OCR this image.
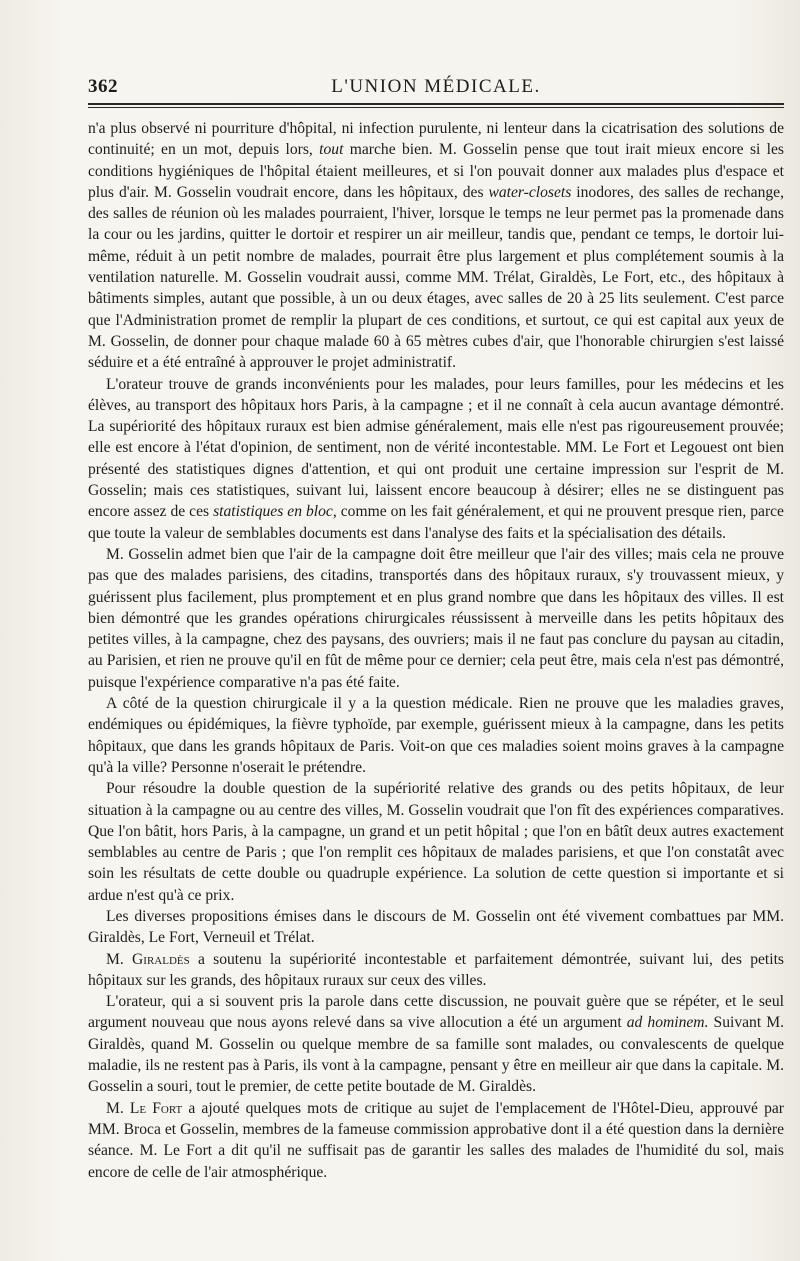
362	L'UNION MÉDICALE.

n'a plus observé ni pourriture d'hôpital, ni infection purulente, ni lenteur dans la cicatrisation des solutions de continuité; en un mot, depuis lors, tout marche bien. M. Gosselin pense que tout irait mieux encore si les conditions hygiéniques de l'hôpital étaient meilleures, et si l'on pouvait donner aux malades plus d'espace et plus d'air. M. Gosselin voudrait encore, dans les hôpitaux, des water-closets inodores, des salles de rechange, des salles de réunion où les malades pourraient, l'hiver, lorsque le temps ne leur permet pas la promenade dans la cour ou les jardins, quitter le dortoir et respirer un air meilleur, tandis que, pendant ce temps, le dortoir lui-même, réduit à un petit nombre de malades, pourrait être plus largement et plus complétement soumis à la ventilation naturelle. M. Gosselin voudrait aussi, comme MM. Trélat, Giraldès, Le Fort, etc., des hôpitaux à bâtiments simples, autant que possible, à un ou deux étages, avec salles de 20 à 25 lits seulement. C'est parce que l'Administration promet de remplir la plupart de ces conditions, et surtout, ce qui est capital aux yeux de M. Gosselin, de donner pour chaque malade 60 à 65 mètres cubes d'air, que l'honorable chirurgien s'est laissé séduire et a été entraîné à approuver le projet administratif.

L'orateur trouve de grands inconvénients pour les malades, pour leurs familles, pour les médecins et les élèves, au transport des hôpitaux hors Paris, à la campagne ; et il ne connaît à cela aucun avantage démontré. La supériorité des hôpitaux ruraux est bien admise généralement, mais elle n'est pas rigoureusement prouvée; elle est encore à l'état d'opinion, de sentiment, non de vérité incontestable. MM. Le Fort et Legouest ont bien présenté des statistiques dignes d'attention, et qui ont produit une certaine impression sur l'esprit de M. Gosselin; mais ces statistiques, suivant lui, laissent encore beaucoup à désirer; elles ne se distinguent pas encore assez de ces statistiques en bloc, comme on les fait généralement, et qui ne prouvent presque rien, parce que toute la valeur de semblables documents est dans l'analyse des faits et la spécialisation des détails.

M. Gosselin admet bien que l'air de la campagne doit être meilleur que l'air des villes; mais cela ne prouve pas que des malades parisiens, des citadins, transportés dans des hôpitaux ruraux, s'y trouvassent mieux, y guérissent plus facilement, plus promptement et en plus grand nombre que dans les hôpitaux des villes. Il est bien démontré que les grandes opérations chirurgicales réussissent à merveille dans les petits hôpitaux des petites villes, à la campagne, chez des paysans, des ouvriers; mais il ne faut pas conclure du paysan au citadin, au Parisien, et rien ne prouve qu'il en fût de même pour ce dernier; cela peut être, mais cela n'est pas démontré, puisque l'expérience comparative n'a pas été faite.

A côté de la question chirurgicale il y a la question médicale. Rien ne prouve que les maladies graves, endémiques ou épidémiques, la fièvre typhoïde, par exemple, guérissent mieux à la campagne, dans les petits hôpitaux, que dans les grands hôpitaux de Paris. Voit-on que ces maladies soient moins graves à la campagne qu'à la ville? Personne n'oserait le prétendre.

Pour résoudre la double question de la supériorité relative des grands ou des petits hôpitaux, de leur situation à la campagne ou au centre des villes, M. Gosselin voudrait que l'on fît des expériences comparatives. Que l'on bâtit, hors Paris, à la campagne, un grand et un petit hôpital ; que l'on en bâtît deux autres exactement semblables au centre de Paris ; que l'on remplit ces hôpitaux de malades parisiens, et que l'on constatât avec soin les résultats de cette double ou quadruple expérience. La solution de cette question si importante et si ardue n'est qu'à ce prix.

Les diverses propositions émises dans le discours de M. Gosselin ont été vivement combattues par MM. Giraldès, Le Fort, Verneuil et Trélat.

M. Giraldès a soutenu la supériorité incontestable et parfaitement démontrée, suivant lui, des petits hôpitaux sur les grands, des hôpitaux ruraux sur ceux des villes.

L'orateur, qui a si souvent pris la parole dans cette discussion, ne pouvait guère que se répéter, et le seul argument nouveau que nous ayons relevé dans sa vive allocution a été un argument ad hominem. Suivant M. Giraldès, quand M. Gosselin ou quelque membre de sa famille sont malades, ou convalescents de quelque maladie, ils ne restent pas à Paris, ils vont à la campagne, pensant y être en meilleur air que dans la capitale. M. Gosselin a souri, tout le premier, de cette petite boutade de M. Giraldès.

M. Le Fort a ajouté quelques mots de critique au sujet de l'emplacement de l'Hôtel-Dieu, approuvé par MM. Broca et Gosselin, membres de la fameuse commission approbative dont il a été question dans la dernière séance. M. Le Fort a dit qu'il ne suffisait pas de garantir les salles des malades de l'humidité du sol, mais encore de celle de l'air atmosphérique.
